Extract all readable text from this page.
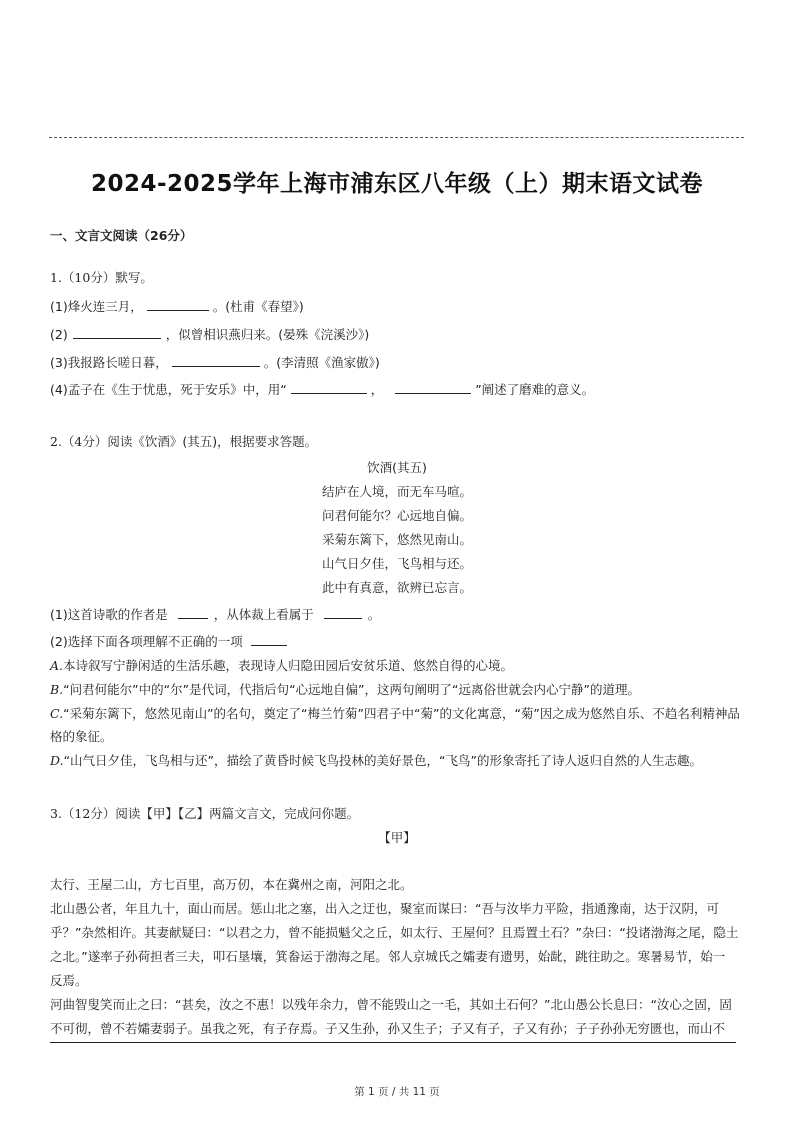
2024-2025学年上海市浦东区八年级（上）期末语文试卷
一、文言文阅读（26分）
1.（10分）默写。
(1)烽火连三月，	。(杜甫《春望》)
(2)	，似曾相识燕归来。(晏殊《浣溪沙》)
(3)我报路长嗟日暮，	。(李清照《渔家傲》)
(4)孟子在《生于忧患，死于安乐》中，用“	，	”阐述了磨难的意义。
2.（4分）阅读《饮酒》(其五)，根据要求答题。
饮酒(其五)
结庐在人境，而无车马喧。
问君何能尔？心远地自偏。
采菊东篱下，悠然见南山。
山气日夕佳，飞鸟相与还。
此中有真意，欲辨已忘言。
(1)这首诗歌的作者是	，从体裁上看属于	。
(2)选择下面各项理解不正确的一项
A.本诗叙写宁静闲适的生活乐趣，表现诗人归隐田园后安贫乐道、悠然自得的心境。
B.“问君何能尔”中的“尔”是代词，代指后句“心远地自偏”，这两句阐明了“远离俗世就会内心宁静”的道理。
C.“采菊东篱下，悠然见南山”的名句，奠定了“梅兰竹菊”四君子中“菊”的文化寓意，“菊”因之成为悠然自乐、不趋名利精神品
格的象征。
D.“山气日夕佳，飞鸟相与还”，描绘了黄昏时候飞鸟投林的美好景色，“飞鸟”的形象寄托了诗人返归自然的人生志趣。
3.（12分）阅读【甲】【乙】两篇文言文，完成问你题。
【甲】
太行、王屋二山，方七百里，高万仞，本在冀州之南，河阳之北。
北山愚公者，年且九十，面山而居。惩山北之塞，出入之迂也，聚室而谋曰：“吾与汝毕力平险，指通豫南，达于汉阴，可
乎？”杂然相许。其妻献疑曰：“以君之力，曾不能损魁父之丘，如太行、王屋何？且焉置土石？”杂曰：“投诸渤海之尾，隐土
之北。”遂率子孙荷担者三夫，叩石垦壤，箕畚运于渤海之尾。邻人京城氏之孀妻有遗男，始龀，跳往助之。寒暑易节，始一
反焉。
河曲智叟笑而止之曰：“甚矣，汝之不惠！以残年余力，曾不能毁山之一毛，其如土石何？”北山愚公长息曰：“汝心之固，固
不可彻，曾不若孀妻弱子。虽我之死，有子存焉。子又生孙，孙又生子；子又有子，子又有孙；子子孙孙无穷匮也，而山不
第 1 页 / 共 11 页
